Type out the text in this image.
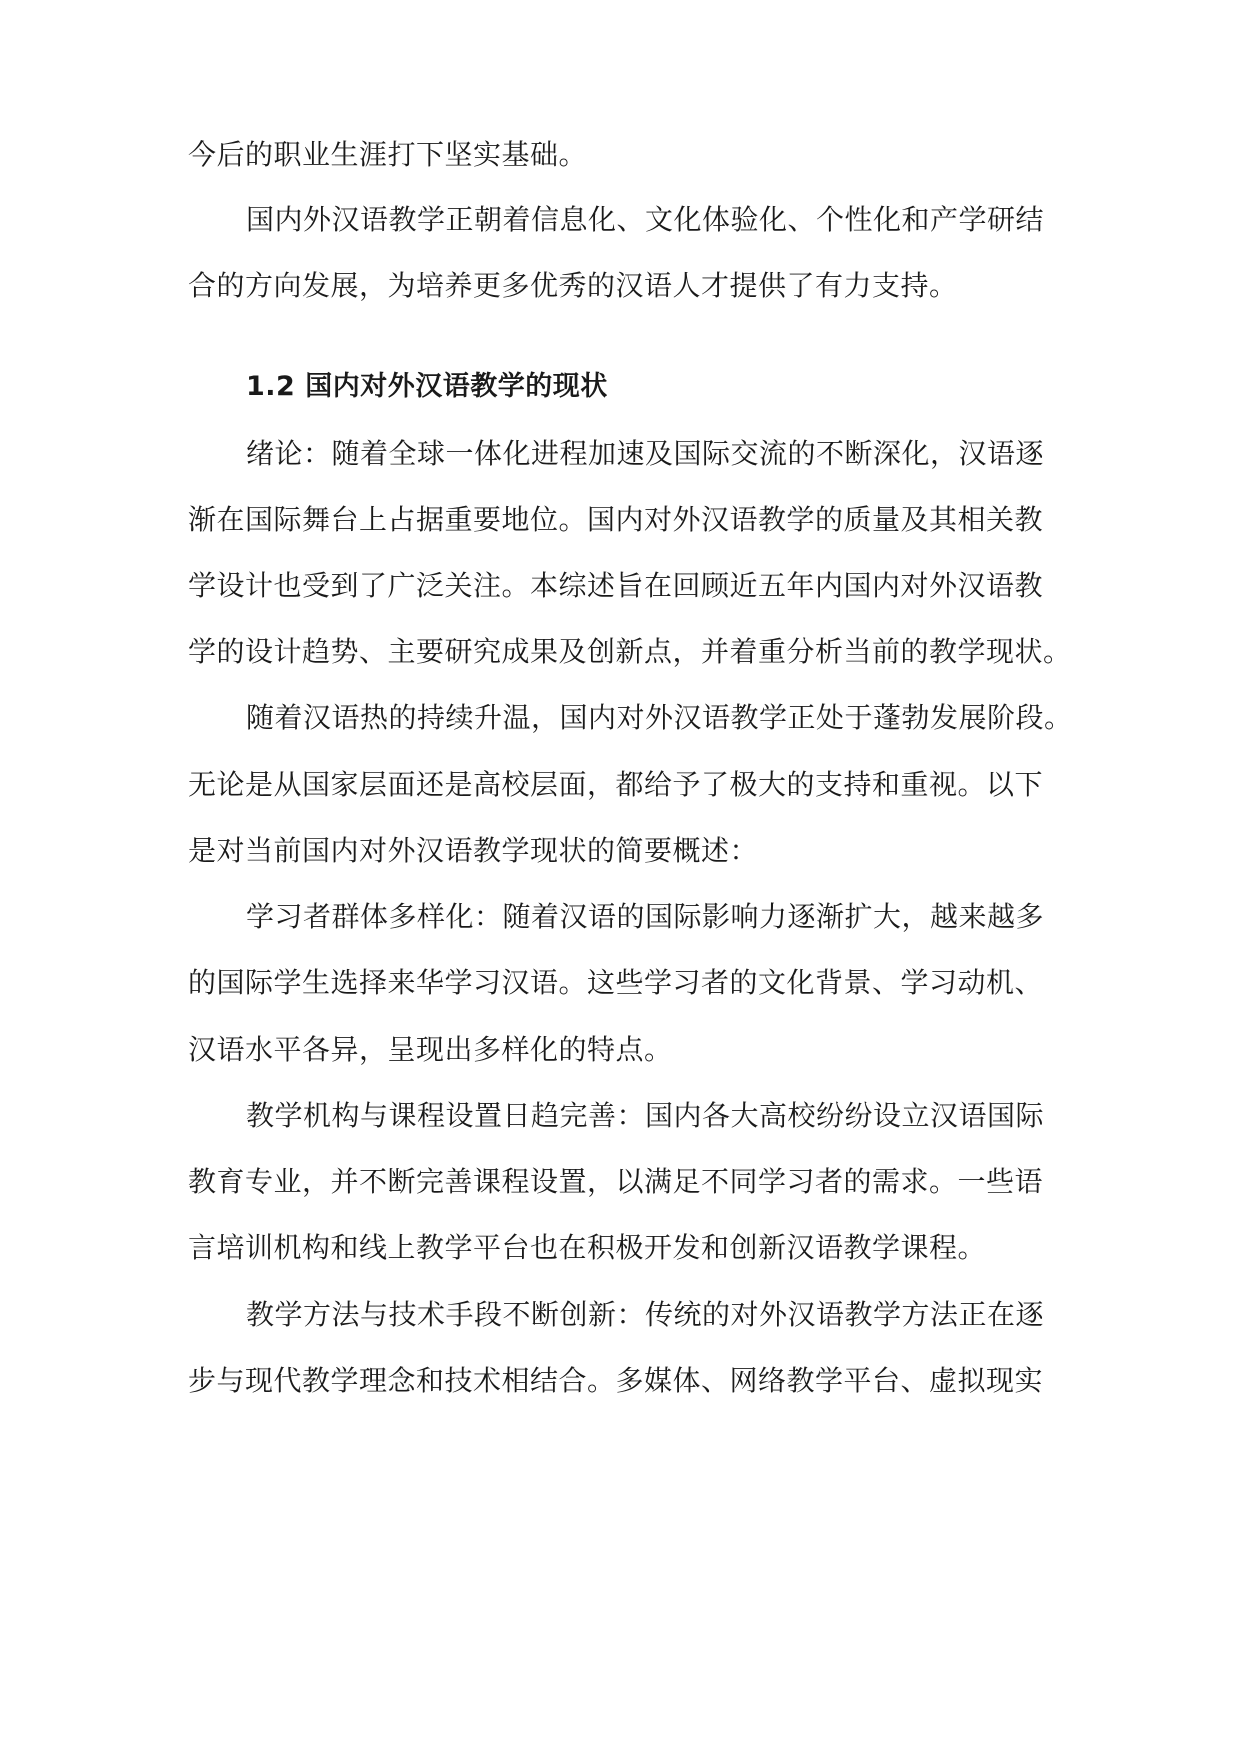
今后的职业生涯打下坚实基础。
国内外汉语教学正朝着信息化、文化体验化、个性化和产学研结
合的方向发展，为培养更多优秀的汉语人才提供了有力支持。
1.2 国内对外汉语教学的现状
绪论：随着全球一体化进程加速及国际交流的不断深化，汉语逐
渐在国际舞台上占据重要地位。国内对外汉语教学的质量及其相关教
学设计也受到了广泛关注。本综述旨在回顾近五年内国内对外汉语教
学的设计趋势、主要研究成果及创新点，并着重分析当前的教学现状。
随着汉语热的持续升温，国内对外汉语教学正处于蓬勃发展阶段。
无论是从国家层面还是高校层面，都给予了极大的支持和重视。以下
是对当前国内对外汉语教学现状的简要概述：
学习者群体多样化：随着汉语的国际影响力逐渐扩大，越来越多
的国际学生选择来华学习汉语。这些学习者的文化背景、学习动机、
汉语水平各异，呈现出多样化的特点。
教学机构与课程设置日趋完善：国内各大高校纷纷设立汉语国际
教育专业，并不断完善课程设置，以满足不同学习者的需求。一些语
言培训机构和线上教学平台也在积极开发和创新汉语教学课程。
教学方法与技术手段不断创新：传统的对外汉语教学方法正在逐
步与现代教学理念和技术相结合。多媒体、网络教学平台、虚拟现实
